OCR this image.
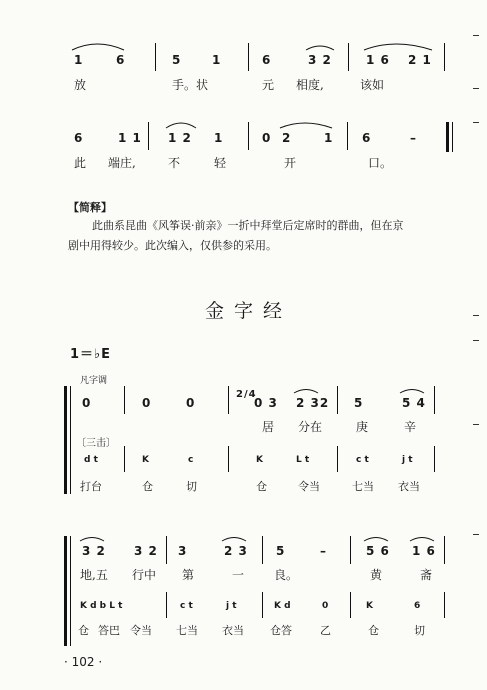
1	6	5	1	6	3 2	1 6 2 1
放	手。状	元 相度,	该如
6	1 1 1 2 1	0 2	1 6	–
此 端庄,	不	轻	开	口。
【简释】
此曲系昆曲《风筝误·前亲》一折中拜堂后定席时的群曲，但在京
剧中用得较少。此次编入，仅供参的采用。
金字经
1＝♭E
凡字调
0	0	0
2/4
0 3 2 32 5	5 4
居 分在	庚	辛
〔三击〕
d t	K	c	K	L t	c t	j t
打台	仓	切	仓	令当	七当 衣当
3 2 3 2 3	2 3 5	–	5 6 1 6
地,五 行中 第	一 良。	黄	斋
K d b L t	c t	j t	K d	0	K	6
仓 答巴 令当 七当 衣当 仓答	乙	仓	切
· 102 ·
